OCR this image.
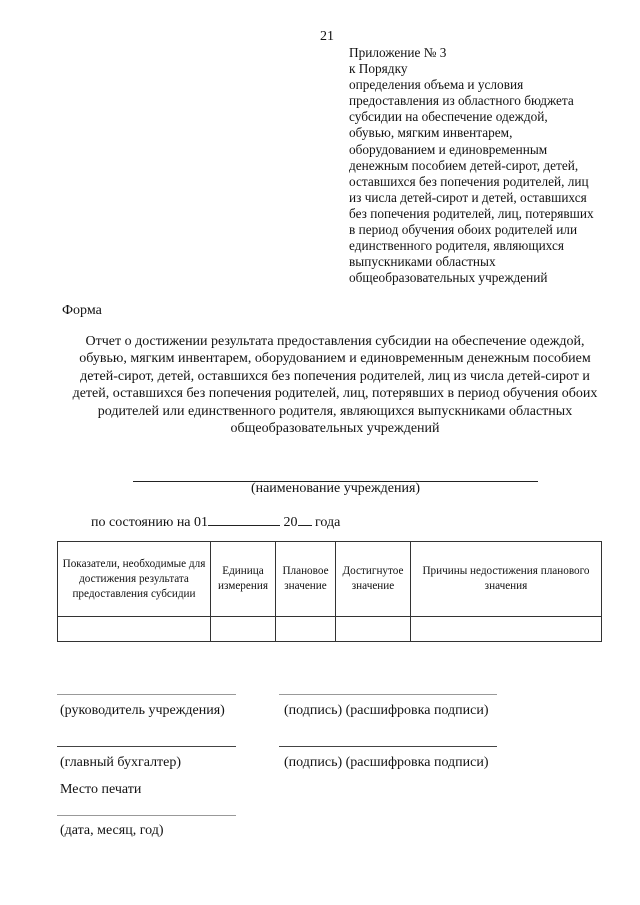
21
Приложение № 3
к Порядку
определения объема и условия
предоставления из областного бюджета
субсидии на обеспечение одеждой,
обувью, мягким инвентарем,
оборудованием и единовременным
денежным пособием детей-сирот, детей,
оставшихся без попечения родителей, лиц
из числа детей-сирот и детей, оставшихся
без попечения родителей, лиц, потерявших
в период обучения обоих родителей или
единственного родителя, являющихся
выпускниками областных
общеобразовательных учреждений
Форма
Отчет о достижении результата предоставления субсидии на обеспечение одеждой,
обувью, мягким инвентарем, оборудованием и единовременным денежным пособием
детей-сирот, детей, оставшихся без попечения родителей, лиц из числа детей-сирот и
детей, оставшихся без попечения родителей, лиц, потерявших в период обучения обоих
родителей или единственного родителя, являющихся выпускниками областных
общеобразовательных учреждений
(наименование учреждения)
по состоянию на 01	20 года
Показатели, необходимые для достижения результата предоставления субсидии	Единица измерения	Плановое значение	Достигнутое значение	Причины недостижения планового значения

(руководитель учреждения)	(подпись) (расшифровка подписи)
(главный бухгалтер)	(подпись) (расшифровка подписи)
Место печати
(дата, месяц, год)
